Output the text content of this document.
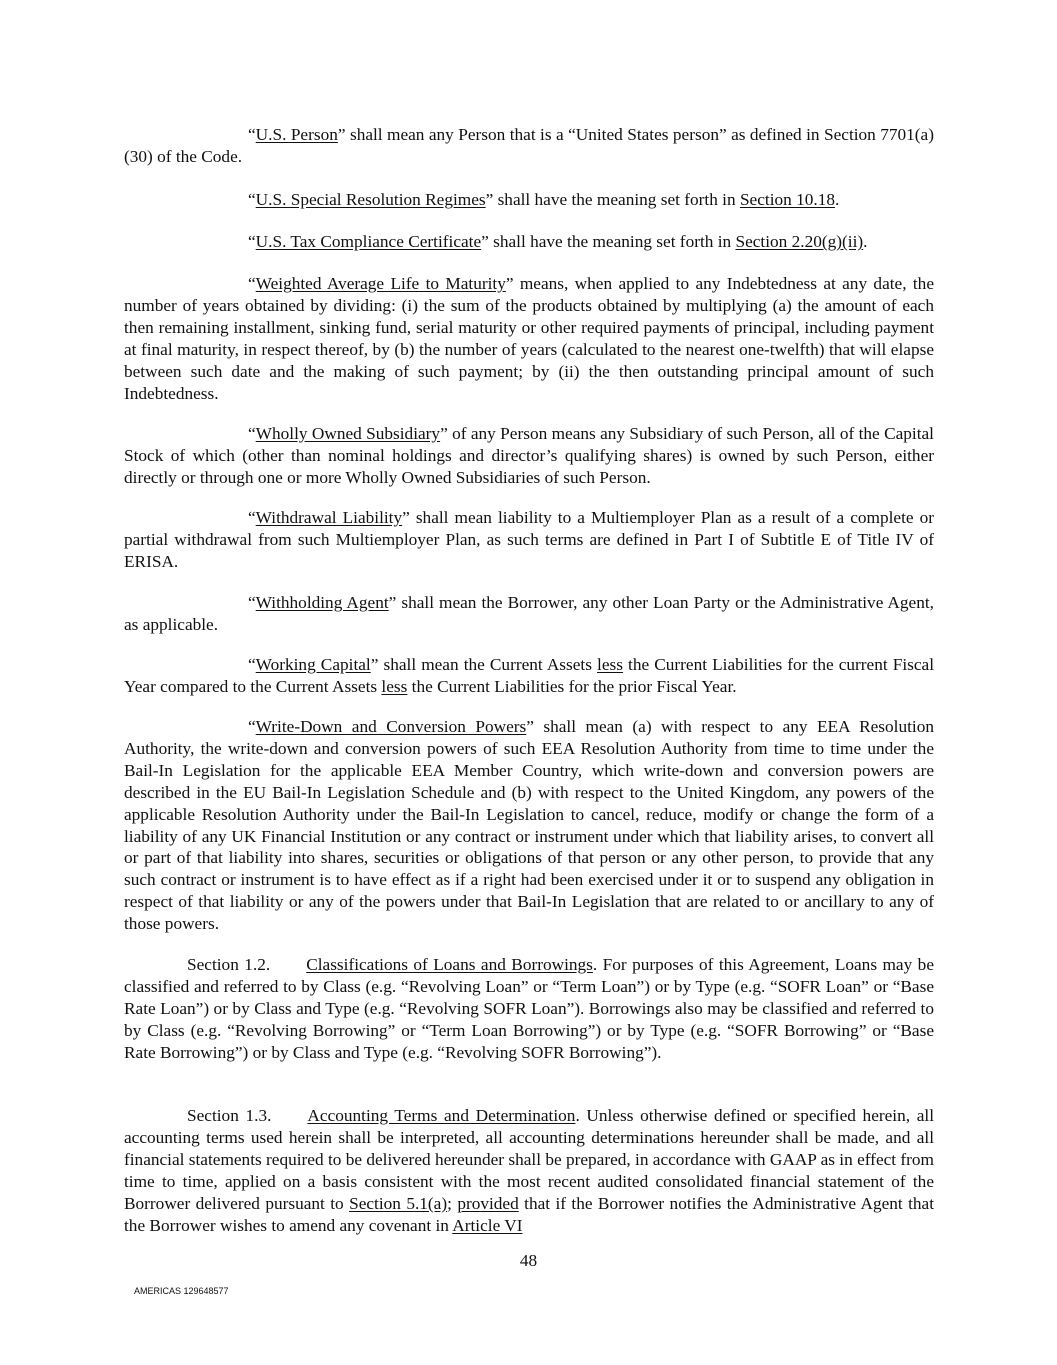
“U.S. Person” shall mean any Person that is a “United States person” as defined in Section 7701(a)(30) of the Code.

“U.S. Special Resolution Regimes” shall have the meaning set forth in Section 10.18.

“U.S. Tax Compliance Certificate” shall have the meaning set forth in Section 2.20(g)(ii).

“Weighted Average Life to Maturity” means, when applied to any Indebtedness at any date, the number of years obtained by dividing: (i) the sum of the products obtained by multiplying (a) the amount of each then remaining installment, sinking fund, serial maturity or other required payments of principal, including payment at final maturity, in respect thereof, by (b) the number of years (calculated to the nearest one-twelfth) that will elapse between such date and the making of such payment; by (ii) the then outstanding principal amount of such Indebtedness.

“Wholly Owned Subsidiary” of any Person means any Subsidiary of such Person, all of the Capital Stock of which (other than nominal holdings and director’s qualifying shares) is owned by such Person, either directly or through one or more Wholly Owned Subsidiaries of such Person.

“Withdrawal Liability” shall mean liability to a Multiemployer Plan as a result of a complete or partial withdrawal from such Multiemployer Plan, as such terms are defined in Part I of Subtitle E of Title IV of ERISA.

“Withholding Agent” shall mean the Borrower, any other Loan Party or the Administrative Agent, as applicable.

“Working Capital” shall mean the Current Assets less the Current Liabilities for the current Fiscal Year compared to the Current Assets less the Current Liabilities for the prior Fiscal Year.

“Write-Down and Conversion Powers” shall mean (a) with respect to any EEA Resolution Authority, the write-down and conversion powers of such EEA Resolution Authority from time to time under the Bail-In Legislation for the applicable EEA Member Country, which write-down and conversion powers are described in the EU Bail-In Legislation Schedule and (b) with respect to the United Kingdom, any powers of the applicable Resolution Authority under the Bail-In Legislation to cancel, reduce, modify or change the form of a liability of any UK Financial Institution or any contract or instrument under which that liability arises, to convert all or part of that liability into shares, securities or obligations of that person or any other person, to provide that any such contract or instrument is to have effect as if a right had been exercised under it or to suspend any obligation in respect of that liability or any of the powers under that Bail-In Legislation that are related to or ancillary to any of those powers.

Section 1.2. Classifications of Loans and Borrowings. For purposes of this Agreement, Loans may be classified and referred to by Class (e.g. “Revolving Loan” or “Term Loan”) or by Type (e.g. “SOFR Loan” or “Base Rate Loan”) or by Class and Type (e.g. “Revolving SOFR Loan”). Borrowings also may be classified and referred to by Class (e.g. “Revolving Borrowing” or “Term Loan Borrowing”) or by Type (e.g. “SOFR Borrowing” or “Base Rate Borrowing”) or by Class and Type (e.g. “Revolving SOFR Borrowing”).

Section 1.3. Accounting Terms and Determination. Unless otherwise defined or specified herein, all accounting terms used herein shall be interpreted, all accounting determinations hereunder shall be made, and all financial statements required to be delivered hereunder shall be prepared, in accordance with GAAP as in effect from time to time, applied on a basis consistent with the most recent audited consolidated financial statement of the Borrower delivered pursuant to Section 5.1(a); provided that if the Borrower notifies the Administrative Agent that the Borrower wishes to amend any covenant in Article VI

48
AMERICAS 129648577
